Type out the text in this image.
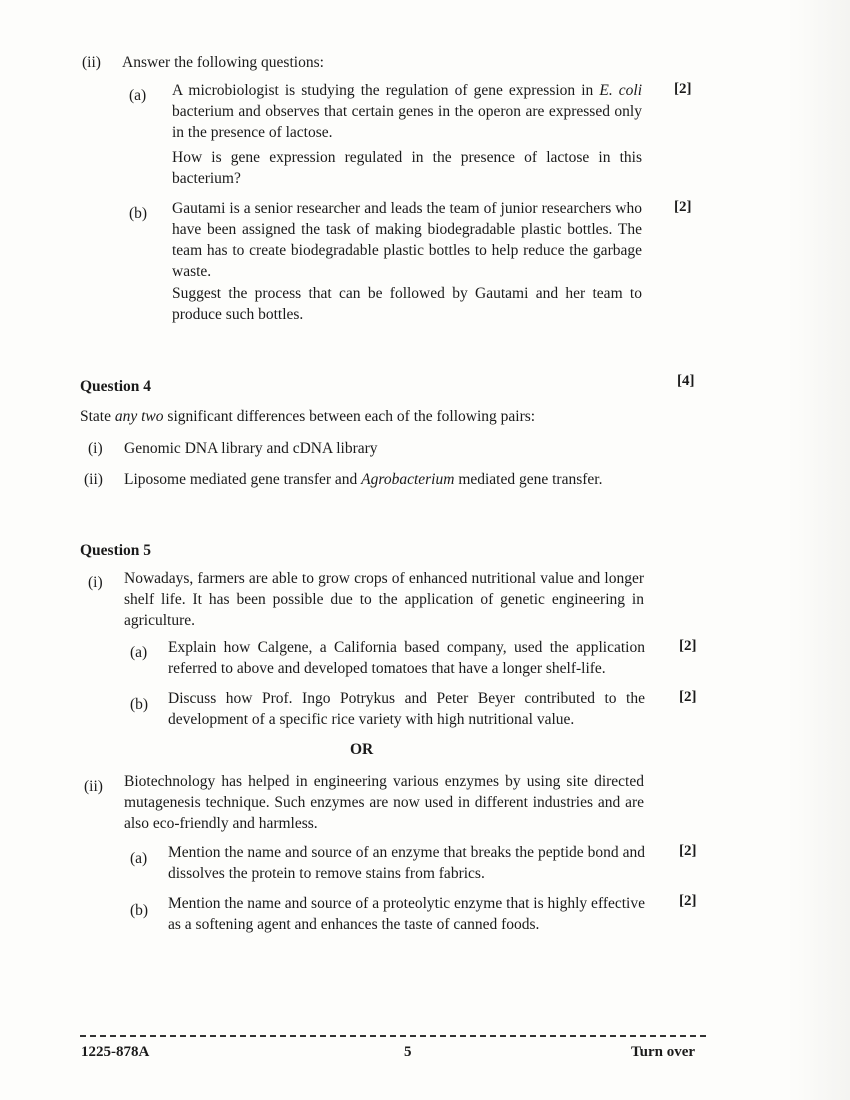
(ii) Answer the following questions:
(a) A microbiologist is studying the regulation of gene expression in E. coli bacterium and observes that certain genes in the operon are expressed only in the presence of lactose.
[2]
How is gene expression regulated in the presence of lactose in this bacterium?
(b) Gautami is a senior researcher and leads the team of junior researchers who have been assigned the task of making biodegradable plastic bottles. The team has to create biodegradable plastic bottles to help reduce the garbage waste.
[2]
Suggest the process that can be followed by Gautami and her team to produce such bottles.
Question 4	[4]
State any two significant differences between each of the following pairs:
(i) Genomic DNA library and cDNA library
(ii) Liposome mediated gene transfer and Agrobacterium mediated gene transfer.
Question 5
(i) Nowadays, farmers are able to grow crops of enhanced nutritional value and longer shelf life. It has been possible due to the application of genetic engineering in agriculture.
(a) Explain how Calgene, a California based company, used the application referred to above and developed tomatoes that have a longer shelf-life.
[2]
(b) Discuss how Prof. Ingo Potrykus and Peter Beyer contributed to the development of a specific rice variety with high nutritional value.
[2]
OR
(ii) Biotechnology has helped in engineering various enzymes by using site directed mutagenesis technique. Such enzymes are now used in different industries and are also eco-friendly and harmless.
(a) Mention the name and source of an enzyme that breaks the peptide bond and dissolves the protein to remove stains from fabrics.
[2]
(b) Mention the name and source of a proteolytic enzyme that is highly effective as a softening agent and enhances the taste of canned foods.
[2]
1225-878A	5	Turn over
